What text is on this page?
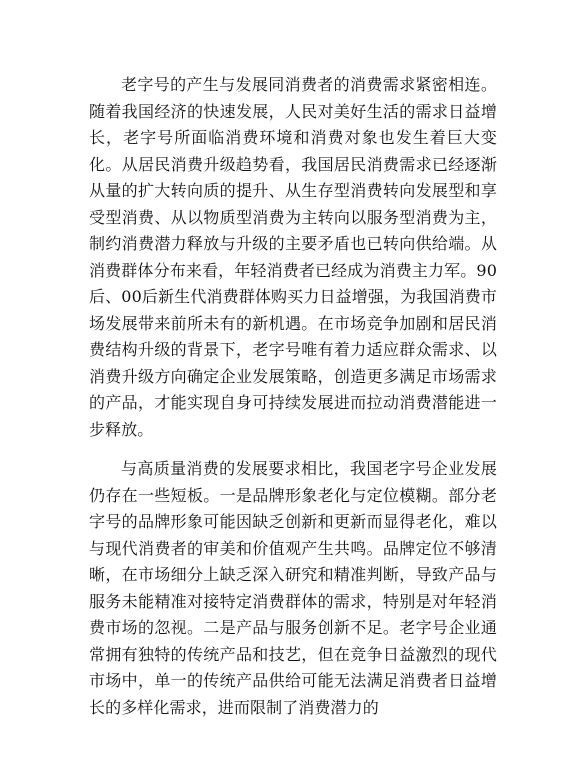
老字号的产生与发展同消费者的消费需求紧密相连。随着我国经济的快速发展，人民对美好生活的需求日益增长，老字号所面临消费环境和消费对象也发生着巨大变化。从居民消费升级趋势看，我国居民消费需求已经逐渐从量的扩大转向质的提升、从生存型消费转向发展型和享受型消费、从以物质型消费为主转向以服务型消费为主，制约消费潜力释放与升级的主要矛盾也已转向供给端。从消费群体分布来看，年轻消费者已经成为消费主力军。90后、00后新生代消费群体购买力日益增强，为我国消费市场发展带来前所未有的新机遇。在市场竞争加剧和居民消费结构升级的背景下，老字号唯有着力适应群众需求、以消费升级方向确定企业发展策略，创造更多满足市场需求的产品，才能实现自身可持续发展进而拉动消费潜能进一步释放。

与高质量消费的发展要求相比，我国老字号企业发展仍存在一些短板。一是品牌形象老化与定位模糊。部分老字号的品牌形象可能因缺乏创新和更新而显得老化，难以与现代消费者的审美和价值观产生共鸣。品牌定位不够清晰，在市场细分上缺乏深入研究和精准判断，导致产品与服务未能精准对接特定消费群体的需求，特别是对年轻消费市场的忽视。二是产品与服务创新不足。老字号企业通常拥有独特的传统产品和技艺，但在竞争日益激烈的现代市场中，单一的传统产品供给可能无法满足消费者日益增长的多样化需求，进而限制了消费潜力的
